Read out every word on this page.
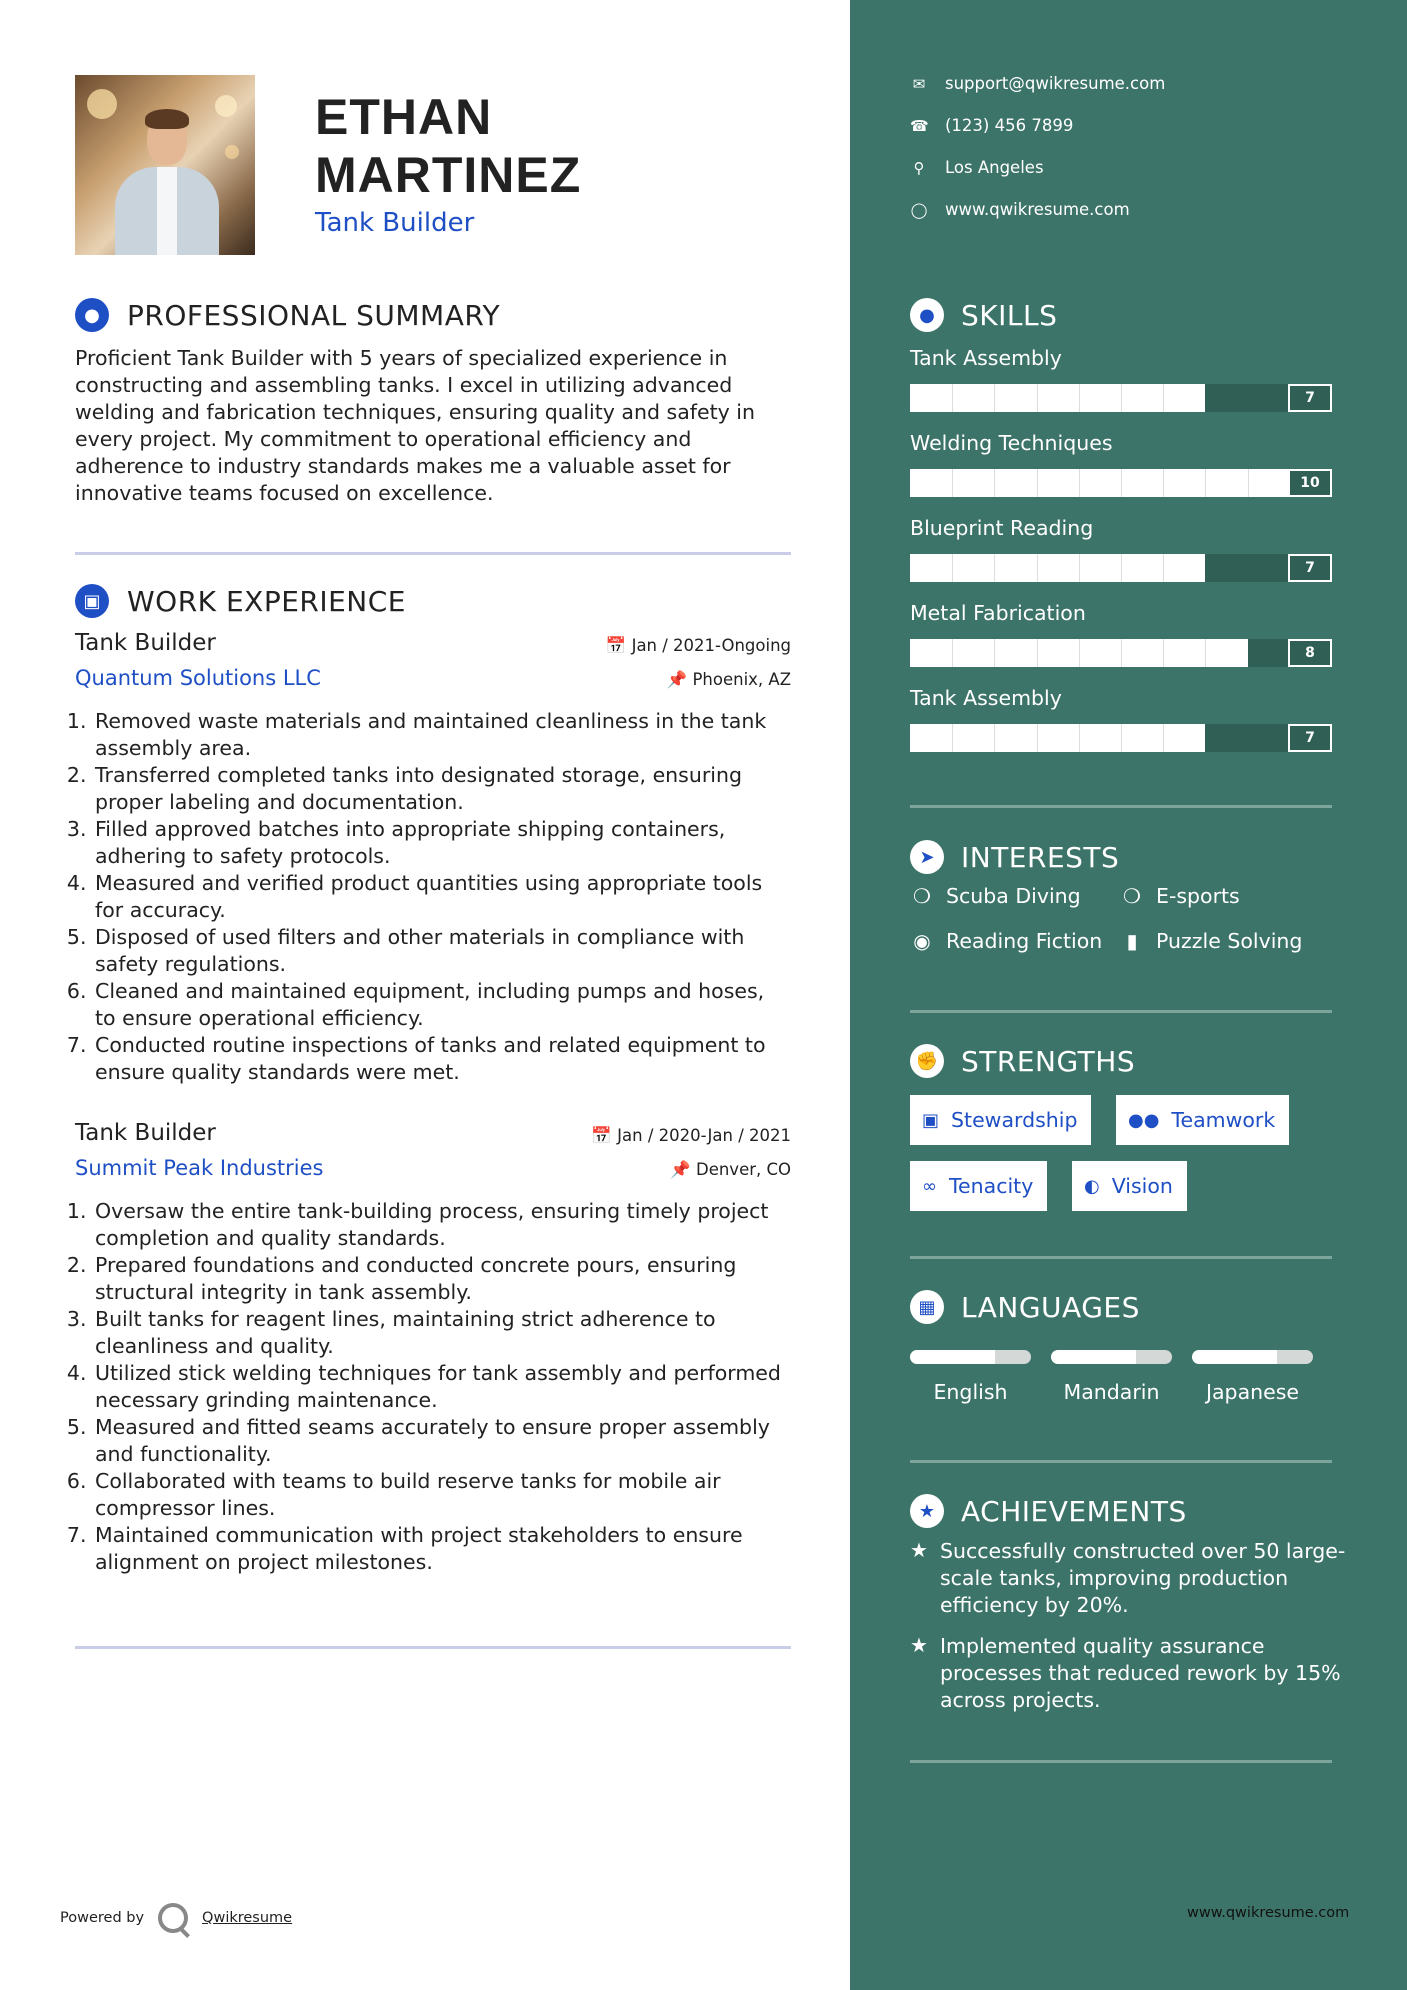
ETHAN
MARTINEZ
Tank Builder
● PROFESSIONAL SUMMARY
Proficient Tank Builder with 5 years of specialized experience in constructing and assembling tanks. I excel in utilizing advanced welding and fabrication techniques, ensuring quality and safety in every project. My commitment to operational efficiency and adherence to industry standards makes me a valuable asset for innovative teams focused on excellence.
▣ WORK EXPERIENCE
Tank Builder
Quantum Solutions LLC
📅 Jan / 2021-Ongoing
📌 Phoenix, AZ
1. Removed waste materials and maintained cleanliness in the tank assembly area.
2. Transferred completed tanks into designated storage, ensuring proper labeling and documentation.
3. Filled approved batches into appropriate shipping containers, adhering to safety protocols.
4. Measured and verified product quantities using appropriate tools for accuracy.
5. Disposed of used filters and other materials in compliance with safety regulations.
6. Cleaned and maintained equipment, including pumps and hoses, to ensure operational efficiency.
7. Conducted routine inspections of tanks and related equipment to ensure quality standards were met.
Tank Builder
Summit Peak Industries
📅 Jan / 2020-Jan / 2021
📌 Denver, CO
1. Oversaw the entire tank-building process, ensuring timely project completion and quality standards.
2. Prepared foundations and conducted concrete pours, ensuring structural integrity in tank assembly.
3. Built tanks for reagent lines, maintaining strict adherence to cleanliness and quality.
4. Utilized stick welding techniques for tank assembly and performed necessary grinding maintenance.
5. Measured and fitted seams accurately to ensure proper assembly and functionality.
6. Collaborated with teams to build reserve tanks for mobile air compressor lines.
7. Maintained communication with project stakeholders to ensure alignment on project milestones.
Powered by	Qwikresume
✉ support@qwikresume.com
☎ (123) 456 7899
⚲ Los Angeles
◯ www.qwikresume.com
● SKILLS
Tank Assembly
7
Welding Techniques
10
Blueprint Reading
7
Metal Fabrication
8
Tank Assembly
7
➤ INTERESTS
❍ Scuba Diving ❍ E-sports
◉ Reading Fiction	▮ Puzzle Solving
✊ STRENGTHS
▣ Stewardship	●● Teamwork
∞ Tenacity	◐ Vision
▦ LANGUAGES
English	Mandarin	Japanese
★ ACHIEVEMENTS
★ Successfully constructed over 50 large-scale tanks, improving production efficiency by 20%.
★ Implemented quality assurance processes that reduced rework by 15% across projects.
www.qwikresume.com
